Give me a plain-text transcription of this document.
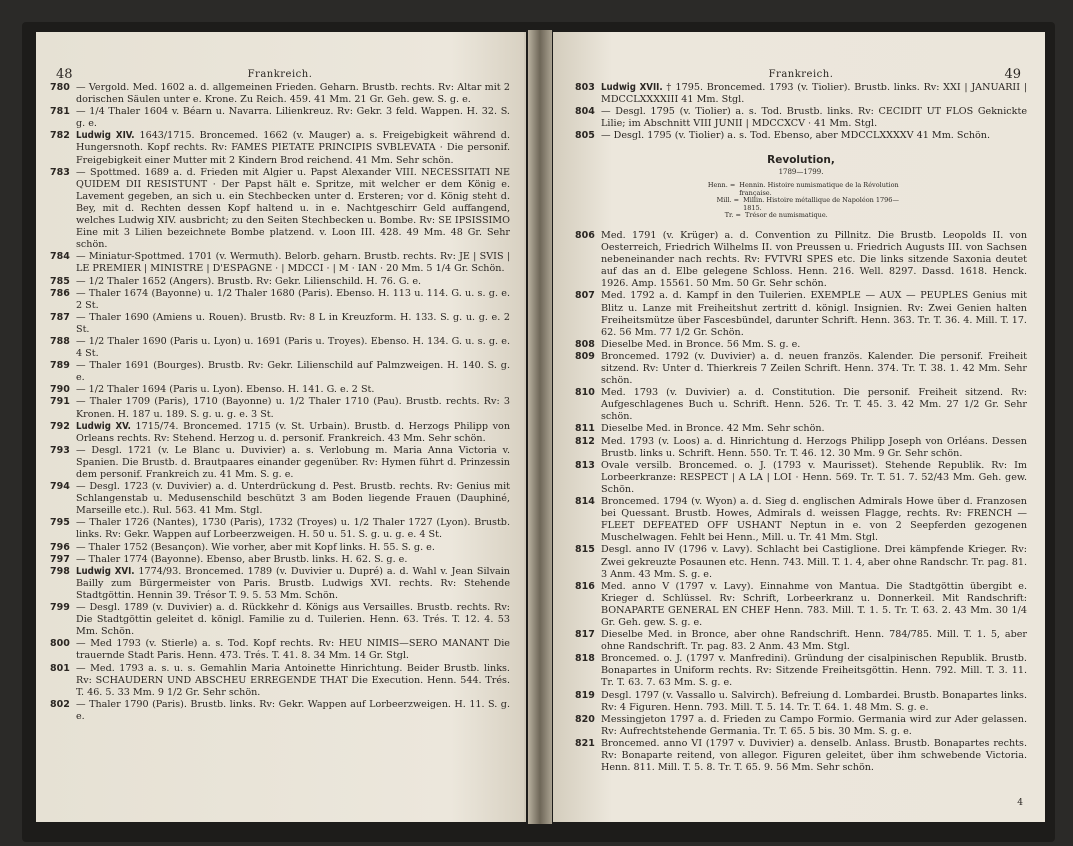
48	Frankreich.
780 — Vergold. Med. 1602 a. d. allgemeinen Frieden. Geharn. Brustb. rechts. Rv: Altar mit 2 dorischen Säulen unter e. Krone. Zu Reich. 459. 41 Mm. 21 Gr. Geh. gew. S. g. e.
781 — 1/4 Thaler 1604 v. Béarn u. Navarra. Lilienkreuz. Rv: Gekr. 3 feld. Wappen. H. 32. S. g. e.
782 Ludwig XIV. 1643/1715. Broncemed. 1662 (v. Mauger) a. s. Freigebigkeit während d. Hungersnoth. Kopf rechts. Rv: FAMES PIETATE PRINCIPIS SVBLEVATA · Die personif. Freigebigkeit einer Mutter mit 2 Kindern Brod reichend. 41 Mm. Sehr schön.
783 — Spottmed. 1689 a. d. Frieden mit Algier u. Papst Alexander VIII. NECESSITATI NE QUIDEM DII RESISTUNT · Der Papst hält e. Spritze, mit welcher er dem König e. Lavement gegeben, an sich u. ein Stechbecken unter d. Ersteren; vor d. König steht d. Bey, mit d. Rechten dessen Kopf haltend u. in e. Nachtgeschirr Geld auffangend, welches Ludwig XIV. ausbricht; zu den Seiten Stechbecken u. Bombe. Rv: SE IPSISSIMO Eine mit 3 Lilien bezeichnete Bombe platzend. v. Loon III. 428. 49 Mm. 48 Gr. Sehr schön.
784 — Miniatur-Spottmed. 1701 (v. Wermuth). Belorb. geharn. Brustb. rechts. Rv: JE | SVIS | LE PREMIER | MINISTRE | D'ESPAGNE · | MDCCI · | M · IAN · 20 Mm. 5 1/4 Gr. Schön.
785 — 1/2 Thaler 1652 (Angers). Brustb. Rv: Gekr. Lilienschild. H. 76. G. e.
786 — Thaler 1674 (Bayonne) u. 1/2 Thaler 1680 (Paris). Ebenso. H. 113 u. 114. G. u. s. g. e. 2 St.
787 — Thaler 1690 (Amiens u. Rouen). Brustb. Rv: 8 L in Kreuzform. H. 133. S. g. u. g. e. 2 St.
788 — 1/2 Thaler 1690 (Paris u. Lyon) u. 1691 (Paris u. Troyes). Ebenso. H. 134. G. u. s. g. e. 4 St.
789 — Thaler 1691 (Bourges). Brustb. Rv: Gekr. Lilienschild auf Palmzweigen. H. 140. S. g. e.
790 — 1/2 Thaler 1694 (Paris u. Lyon). Ebenso. H. 141. G. e. 2 St.
791 — Thaler 1709 (Paris), 1710 (Bayonne) u. 1/2 Thaler 1710 (Pau). Brustb. rechts. Rv: 3 Kronen. H. 187 u. 189. S. g. u. g. e. 3 St.
792 Ludwig XV. 1715/74. Broncemed. 1715 (v. St. Urbain). Brustb. d. Herzogs Philipp von Orleans rechts. Rv: Stehend. Herzog u. d. personif. Frankreich. 43 Mm. Sehr schön.
793 — Desgl. 1721 (v. Le Blanc u. Duvivier) a. s. Verlobung m. Maria Anna Victoria v. Spanien. Die Brustb. d. Brautpaares einander gegenüber. Rv: Hymen führt d. Prinzessin dem personif. Frankreich zu. 41 Mm. S. g. e.
794 — Desgl. 1723 (v. Duvivier) a. d. Unterdrückung d. Pest. Brustb. rechts. Rv: Genius mit Schlangenstab u. Medusenschild beschützt 3 am Boden liegende Frauen (Dauphiné, Marseille etc.). Rul. 563. 41 Mm. Stgl.
795 — Thaler 1726 (Nantes), 1730 (Paris), 1732 (Troyes) u. 1/2 Thaler 1727 (Lyon). Brustb. links. Rv: Gekr. Wappen auf Lorbeerzweigen. H. 50 u. 51. S. g. u. g. e. 4 St.
796 — Thaler 1752 (Besançon). Wie vorher, aber mit Kopf links. H. 55. S. g. e.
797 — Thaler 1774 (Bayonne). Ebenso, aber Brustb. links. H. 62. S. g. e.
798 Ludwig XVI. 1774/93. Broncemed. 1789 (v. Duvivier u. Dupré) a. d. Wahl v. Jean Silvain Bailly zum Bürgermeister von Paris. Brustb. Ludwigs XVI. rechts. Rv: Stehende Stadtgöttin. Hennin 39. Trésor T. 9. 5. 53 Mm. Schön.
799 — Desgl. 1789 (v. Duvivier) a. d. Rückkehr d. Königs aus Versailles. Brustb. rechts. Rv: Die Stadtgöttin geleitet d. königl. Familie zu d. Tuilerien. Henn. 63. Trés. T. 12. 4. 53 Mm. Schön.
800 — Med 1793 (v. Stierle) a. s. Tod. Kopf rechts. Rv: HEU NIMIS—SERO MANANT Die trauernde Stadt Paris. Henn. 473. Trés. T. 41. 8. 34 Mm. 14 Gr. Stgl.
801 — Med. 1793 a. s. u. s. Gemahlin Maria Antoinette Hinrichtung. Beider Brustb. links. Rv: SCHAUDERN UND ABSCHEU ERREGENDE THAT Die Execution. Henn. 544. Trés. T. 46. 5. 33 Mm. 9 1/2 Gr. Sehr schön.
802 — Thaler 1790 (Paris). Brustb. links. Rv: Gekr. Wappen auf Lorbeerzweigen. H. 11. S. g. e.
Frankreich.	49
803 Ludwig XVII. † 1795. Broncemed. 1793 (v. Tiolier). Brustb. links. Rv: XXI | JANUARII | MDCCLXXXXIII 41 Mm. Stgl.
804 — Desgl. 1795 (v. Tiolier) a. s. Tod. Brustb. links. Rv: CECIDIT UT FLOS Geknickte Lilie; im Abschnitt VIII JUNII | MDCCXCV · 41 Mm. Stgl.
805 — Desgl. 1795 (v. Tiolier) a. s. Tod. Ebenso, aber MDCCLXXXXV 41 Mm. Schön.
Revolution,
1789—1799.
Henn. = Hennin. Histoire numismatique de la Révolution française.
Mill. = Millin. Histoire métallique de Napoléon 1796—1815.
Tr. = Trésor de numismatique.
806 Med. 1791 (v. Krüger) a. d. Convention zu Pillnitz. Die Brustb. Leopolds II. von Oesterreich, Friedrich Wilhelms II. von Preussen u. Friedrich Augusts III. von Sachsen nebeneinander nach rechts. Rv: FVTVRI SPES etc. Die links sitzende Saxonia deutet auf das an d. Elbe gelegene Schloss. Henn. 216. Well. 8297. Dassd. 1618. Henck. 1926. Amp. 15561. 50 Mm. 50 Gr. Sehr schön.
807 Med. 1792 a. d. Kampf in den Tuilerien. EXEMPLE — AUX — PEUPLES Genius mit Blitz u. Lanze mit Freiheitshut zertritt d. königl. Insignien. Rv: Zwei Genien halten Freiheitsmütze über Fascesbündel, darunter Schrift. Henn. 363. Tr. T. 36. 4. Mill. T. 17. 62. 56 Mm. 77 1/2 Gr. Schön.
808 Dieselbe Med. in Bronce. 56 Mm. S. g. e.
809 Broncemed. 1792 (v. Duvivier) a. d. neuen französ. Kalender. Die personif. Freiheit sitzend. Rv: Unter d. Thierkreis 7 Zeilen Schrift. Henn. 374. Tr. T. 38. 1. 42 Mm. Sehr schön.
810 Med. 1793 (v. Duvivier) a. d. Constitution. Die personif. Freiheit sitzend. Rv: Aufgeschlagenes Buch u. Schrift. Henn. 526. Tr. T. 45. 3. 42 Mm. 27 1/2 Gr. Sehr schön.
811 Dieselbe Med. in Bronce. 42 Mm. Sehr schön.
812 Med. 1793 (v. Loos) a. d. Hinrichtung d. Herzogs Philipp Joseph von Orléans. Dessen Brustb. links u. Schrift. Henn. 550. Tr. T. 46. 12. 30 Mm. 9 Gr. Sehr schön.
813 Ovale versilb. Broncemed. o. J. (1793 v. Maurisset). Stehende Republik. Rv: Im Lorbeerkranze: RESPECT | A LA | LOI · Henn. 569. Tr. T. 51. 7. 52/43 Mm. Geh. gew. Schön.
814 Broncemed. 1794 (v. Wyon) a. d. Sieg d. englischen Admirals Howe über d. Franzosen bei Quessant. Brustb. Howes, Admirals d. weissen Flagge, rechts. Rv: FRENCH —FLEET DEFEATED OFF USHANT Neptun in e. von 2 Seepferden gezogenen Muschelwagen. Fehlt bei Henn., Mill. u. Tr. 41 Mm. Stgl.
815 Desgl. anno IV (1796 v. Lavy). Schlacht bei Castiglione. Drei kämpfende Krieger. Rv: Zwei gekreuzte Posaunen etc. Henn. 743. Mill. T. 1. 4, aber ohne Randschr. Tr. pag. 81. 3 Anm. 43 Mm. S. g. e.
816 Med. anno V (1797 v. Lavy). Einnahme von Mantua. Die Stadtgöttin übergibt e. Krieger d. Schlüssel. Rv: Schrift, Lorbeerkranz u. Donnerkeil. Mit Randschrift: BONAPARTE GENERAL EN CHEF Henn. 783. Mill. T. 1. 5. Tr. T. 63. 2. 43 Mm. 30 1/4 Gr. Geh. gew. S. g. e.
817 Dieselbe Med. in Bronce, aber ohne Randschrift. Henn. 784/785. Mill. T. 1. 5, aber ohne Randschrift. Tr. pag. 83. 2 Anm. 43 Mm. Stgl.
818 Broncemed. o. J. (1797 v. Manfredini). Gründung der cisalpinischen Republik. Brustb. Bonapartes in Uniform rechts. Rv: Sitzende Freiheitsgöttin. Henn. 792. Mill. T. 3. 11. Tr. T. 63. 7. 63 Mm. S. g. e.
819 Desgl. 1797 (v. Vassallo u. Salvirch). Befreiung d. Lombardei. Brustb. Bonapartes links. Rv: 4 Figuren. Henn. 793. Mill. T. 5. 14. Tr. T. 64. 1. 48 Mm. S. g. e.
820 Messingjeton 1797 a. d. Frieden zu Campo Formio. Germania wird zur Ader gelassen. Rv: Aufrechtstehende Germania. Tr. T. 65. 5 bis. 30 Mm. S. g. e.
821 Broncemed. anno VI (1797 v. Duvivier) a. denselb. Anlass. Brustb. Bonapartes rechts. Rv: Bonaparte reitend, von allegor. Figuren geleitet, über ihm schwebende Victoria. Henn. 811. Mill. T. 5. 8. Tr. T. 65. 9. 56 Mm. Sehr schön.
4
